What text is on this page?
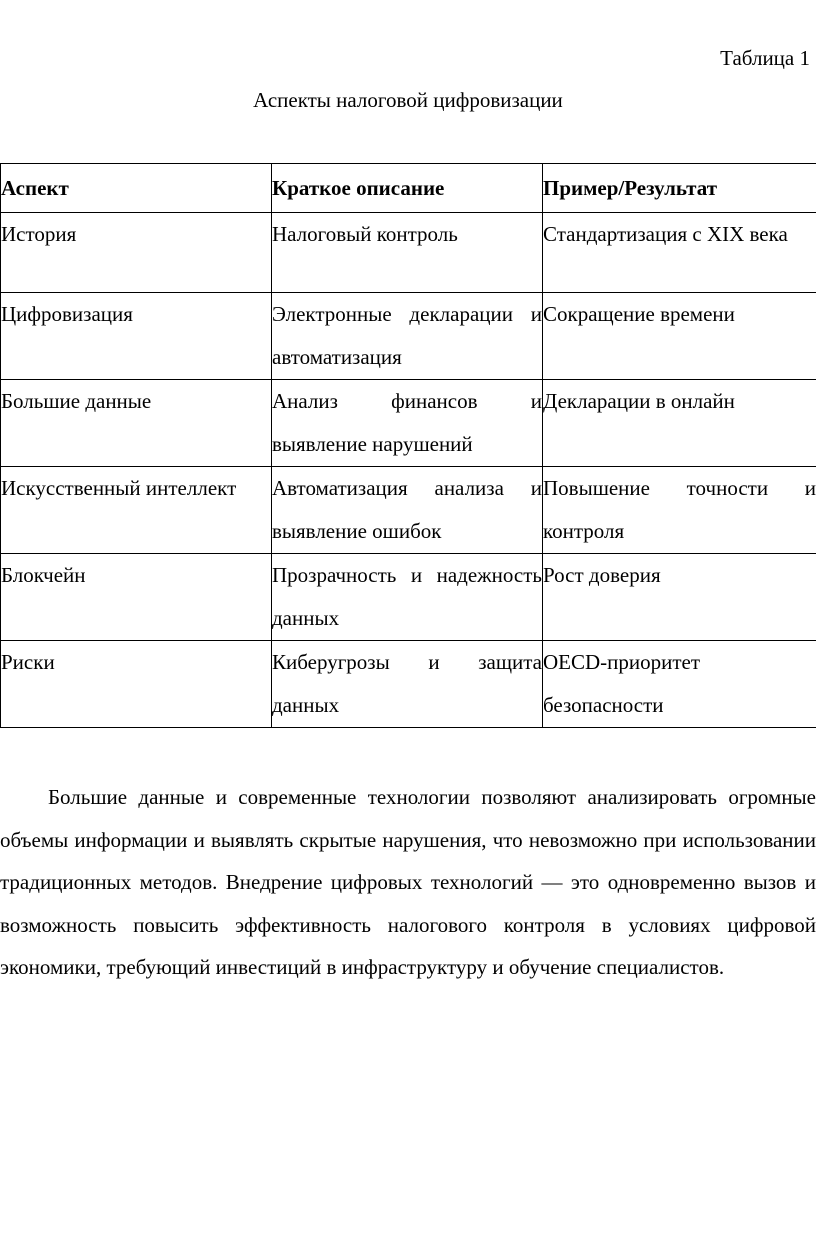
Таблица 1
Аспекты налоговой цифровизации
Аспект	Краткое описание	Пример/Результат
История	Налоговый контроль	Стандартизация с XIX века
Цифровизация	Электронные декларации и автоматизация	Сокращение времени
Большие данные	Анализ финансов и выявление нарушений	Декларации в онлайн
Искусственный интеллект	Автоматизация анализа и выявление ошибок	Повышение точности и контроля
Блокчейн	Прозрачность и надежность данных	Рост доверия
Риски	Киберугрозы и защита данных	OECD-приоритет безопасности

Большие данные и современные технологии позволяют анализировать огромные объемы информации и выявлять скрытые нарушения, что невозможно при использовании традиционных методов. Внедрение цифровых технологий — это одновременно вызов и возможность повысить эффективность налогового контроля в условиях цифровой экономики, требующий инвестиций в инфраструктуру и обучение специалистов.
